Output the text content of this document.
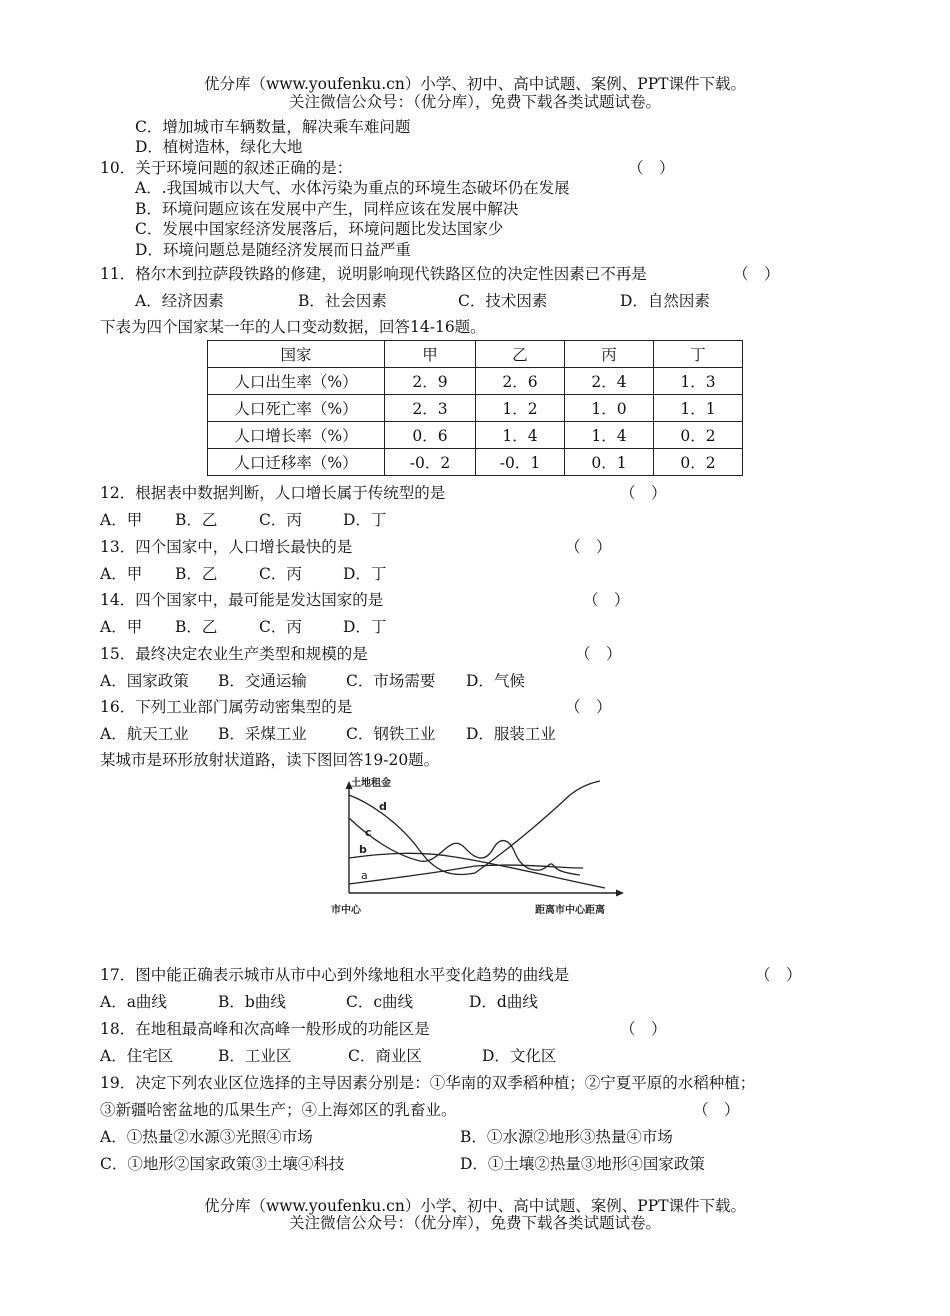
优分库（www.youfenku.cn）小学、初中、高中试题、案例、PPT课件下载。
关注微信公众号：（优分库），免费下载各类试题试卷。
C．增加城市车辆数量，解决乘车难问题
D．植树造林，绿化大地
10．关于环境问题的叙述正确的是：	（　）
A．.我国城市以大气、水体污染为重点的环境生态破坏仍在发展
B．环境问题应该在发展中产生，同样应该在发展中解决
C．发展中国家经济发展落后，环境问题比发达国家少
D．环境问题总是随经济发展而日益严重
11．格尔木到拉萨段铁路的修建，说明影响现代铁路区位的决定性因素已不再是	（　）
A．经济因素	B．社会因素	C．技术因素	D．自然因素
下表为四个国家某一年的人口变动数据，回答14-16题。
国家	甲	乙	丙	丁
人口出生率（%）	2．9	2．6	2．4	1．3
人口死亡率（%）	2．3	1．2	1．0	1．1
人口增长率（%）	0．6	1．4	1．4	0．2
人口迁移率（%）	-0．2	-0．1	0．1	0．2
12．根据表中数据判断，人口增长属于传统型的是	（　）
A．甲 B．乙	C．丙	D．丁
13．四个国家中，人口增长最快的是	（　）
A．甲 B．乙	C．丙	D．丁
14．四个国家中，最可能是发达国家的是	（　）
A．甲 B．乙	C．丙	D．丁
15．最终决定农业生产类型和规模的是	（　）
A．国家政策 B．交通运输	C．市场需要 D．气候
16．下列工业部门属劳动密集型的是	（　）
A．航天工业 B．采煤工业	C．钢铁工业 D．服装工业
某城市是环形放射状道路，读下图回答19-20题。
土地租金
d
c
b
a
市中心	距离市中心距离
17．图中能正确表示城市从市中心到外缘地租水平变化趋势的曲线是	（　）
A．a曲线	B．b曲线	C．c曲线	D．d曲线
18．在地租最高峰和次高峰一般形成的功能区是	（　）
A．住宅区	B．工业区	C．商业区	D．文化区
19．决定下列农业区位选择的主导因素分别是：①华南的双季稻种植；②宁夏平原的水稻种植；
③新疆哈密盆地的瓜果生产；④上海郊区的乳畜业。	（　）
A．①热量②水源③光照④市场	B．①水源②地形③热量④市场
C．①地形②国家政策③土壤④科技	D．①土壤②热量③地形④国家政策
优分库（www.youfenku.cn）小学、初中、高中试题、案例、PPT课件下载。
关注微信公众号：（优分库），免费下载各类试题试卷。
